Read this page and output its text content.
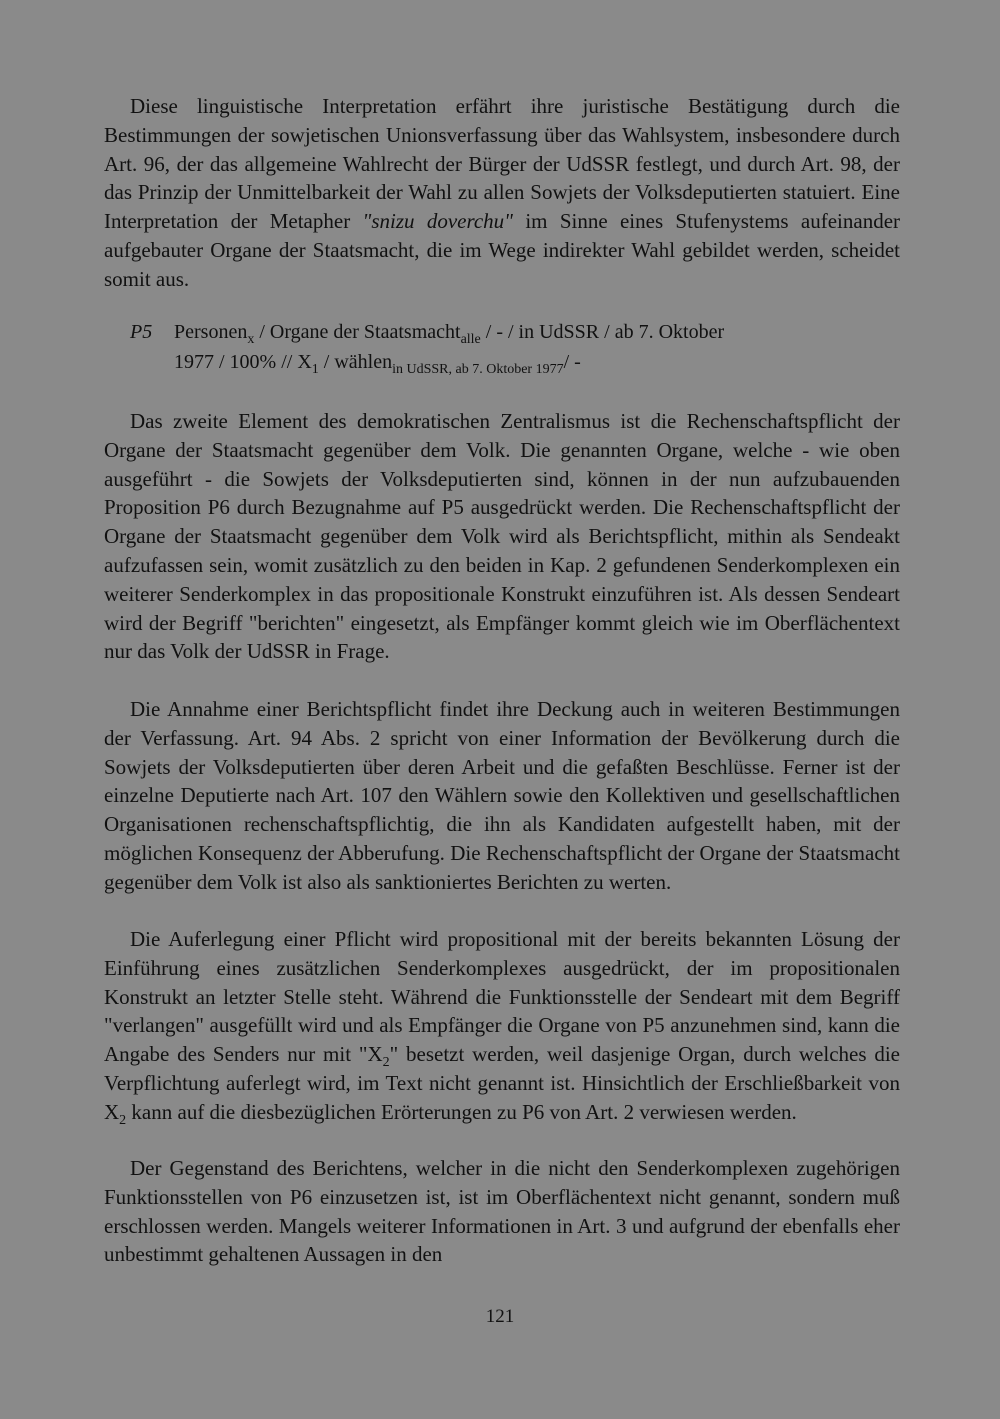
Diese linguistische Interpretation erfährt ihre juristische Bestätigung durch die Bestimmungen der sowjetischen Unionsverfassung über das Wahlsystem, insbesondere durch Art. 96, der das allgemeine Wahlrecht der Bürger der UdSSR festlegt, und durch Art. 98, der das Prinzip der Unmittelbarkeit der Wahl zu allen Sowjets der Volksdeputierten statuiert. Eine Interpretation der Metapher "snizu doverchu" im Sinne eines Stufenystems aufeinander aufgebauter Organe der Staatsmacht, die im Wege indirekter Wahl gebildet werden, scheidet somit aus.

P5 Personen$_x$ / Organe der Staatsmacht$_{alle}$ / - / in UdSSR / ab 7. Oktober
$1977 / 100\% // X_1$ / wählen$_{in UdSSR, ab 7. Oktober 1977}$/ -

Das zweite Element des demokratischen Zentralismus ist die Rechenschaftspflicht der Organe der Staatsmacht gegenüber dem Volk. Die genannten Organe, welche - wie oben ausgeführt - die Sowjets der Volksdeputierten sind, können in der nun aufzubauenden Proposition P6 durch Bezugnahme auf P5 ausgedrückt werden. Die Rechenschaftspflicht der Organe der Staatsmacht gegenüber dem Volk wird als Berichtspflicht, mithin als Sendeakt aufzufassen sein, womit zusätzlich zu den beiden in Kap. 2 gefundenen Senderkomplexen ein weiterer Senderkomplex in das propositionale Konstrukt einzuführen ist. Als dessen Sendeart wird der Begriff "berichten" eingesetzt, als Empfänger kommt gleich wie im Oberflächentext nur das Volk der UdSSR in Frage.

Die Annahme einer Berichtspflicht findet ihre Deckung auch in weiteren Bestimmungen der Verfassung. Art. 94 Abs. 2 spricht von einer Information der Bevölkerung durch die Sowjets der Volksdeputierten über deren Arbeit und die gefaßten Beschlüsse. Ferner ist der einzelne Deputierte nach Art. 107 den Wählern sowie den Kollektiven und gesellschaftlichen Organisationen rechenschaftspflichtig, die ihn als Kandidaten aufgestellt haben, mit der möglichen Konsequenz der Abberufung. Die Rechenschaftspflicht der Organe der Staatsmacht gegenüber dem Volk ist also als sanktioniertes Berichten zu werten.

Die Auferlegung einer Pflicht wird propositional mit der bereits bekannten Lösung der Einführung eines zusätzlichen Senderkomplexes ausgedrückt, der im propositionalen Konstrukt an letzter Stelle steht. Während die Funktionsstelle der Sendeart mit dem Begriff "verlangen" ausgefüllt wird und als Empfänger die Organe von P5 anzunehmen sind, kann die Angabe des Senders nur mit "$X_2$" besetzt werden, weil dasjenige Organ, durch welches die Verpflichtung auferlegt wird, im Text nicht genannt ist. Hinsichtlich der Erschließbarkeit von $X_2$ kann auf die diesbezüglichen Erörterungen zu P6 von Art. 2 verwiesen werden.

Der Gegenstand des Berichtens, welcher in die nicht den Senderkomplexen zugehörigen Funktionsstellen von P6 einzusetzen ist, ist im Oberflächentext nicht genannt, sondern muß erschlossen werden. Mangels weiterer Informationen in Art. 3 und aufgrund der ebenfalls eher unbestimmt gehaltenen Aussagen in den

121
